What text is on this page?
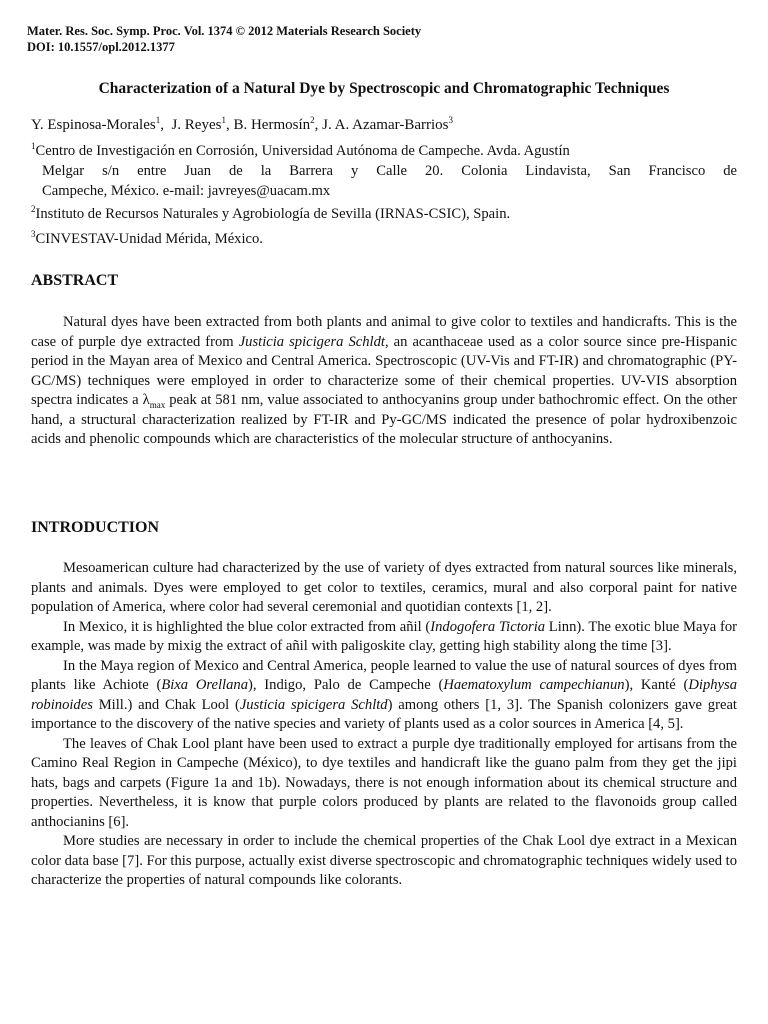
Mater. Res. Soc. Symp. Proc. Vol. 1374 © 2012 Materials Research Society
DOI: 10.1557/opl.2012.1377
Characterization of a Natural Dye by Spectroscopic and Chromatographic Techniques
Y. Espinosa-Morales$^1$,  J. Reyes$^1$, B. Hermosín$^2$, J. A. Azamar-Barrios$^3$
$^1$Centro de Investigación en Corrosión, Universidad Autónoma de Campeche. Avda. Agustín
Melgar s/n entre Juan de la Barrera y Calle 20. Colonia Lindavista, San Francisco de
Campeche, México. e-mail: javreyes@uacam.mx
$^2$Instituto de Recursos Naturales y Agrobiología de Sevilla (IRNAS-CSIC), Spain.
$^3$CINVESTAV-Unidad Mérida, México.
ABSTRACT

Natural dyes have been extracted from both plants and animal to give color to textiles and handicrafts. This is the case of purple dye extracted from Justicia spicigera Schldt, an acanthaceae used as a color source since pre-Hispanic period in the Mayan area of Mexico and Central America. Spectroscopic (UV-Vis and FT-IR) and chromatographic (PY-GC/MS) techniques were employed in order to characterize some of their chemical properties. UV-VIS absorption spectra indicates a $\lambda_{max}$ peak at 581 nm, value associated to anthocyanins group under bathochromic effect. On the other hand, a structural characterization realized by FT-IR and Py-GC/MS indicated the presence of polar hydroxibenzoic acids and phenolic compounds which are characteristics of the molecular structure of anthocyanins.

INTRODUCTION

Mesoamerican culture had characterized by the use of variety of dyes extracted from natural sources like minerals, plants and animals. Dyes were employed to get color to textiles, ceramics, mural and also corporal paint for native population of America, where color had several ceremonial and quotidian contexts [1, 2].

In Mexico, it is highlighted the blue color extracted from añil (Indogofera Tictoria Linn). The exotic blue Maya for example, was made by mixig the extract of añil with paligoskite clay, getting high stability along the time [3].

In the Maya region of Mexico and Central America, people learned to value the use of natural sources of dyes from plants like Achiote (Bixa Orellana), Indigo, Palo de Campeche (Haematoxylum campechianun), Kanté (Diphysa robinoides Mill.) and Chak Lool (Justicia spicigera Schltd) among others [1, 3]. The Spanish colonizers gave great importance to the discovery of the native species and variety of plants used as a color sources in America [4, 5].

The leaves of Chak Lool plant have been used to extract a purple dye traditionally employed for artisans from the Camino Real Region in Campeche (México), to dye textiles and handicraft like the guano palm from they get the jipi hats, bags and carpets (Figure 1a and 1b). Nowadays, there is not enough information about its chemical structure and properties. Nevertheless, it is know that purple colors produced by plants are related to the flavonoids group called anthocianins [6].

More studies are necessary in order to include the chemical properties of the Chak Lool dye extract in a Mexican color data base [7]. For this purpose, actually exist diverse spectroscopic and chromatographic techniques widely used to characterize the properties of natural compounds like colorants.
